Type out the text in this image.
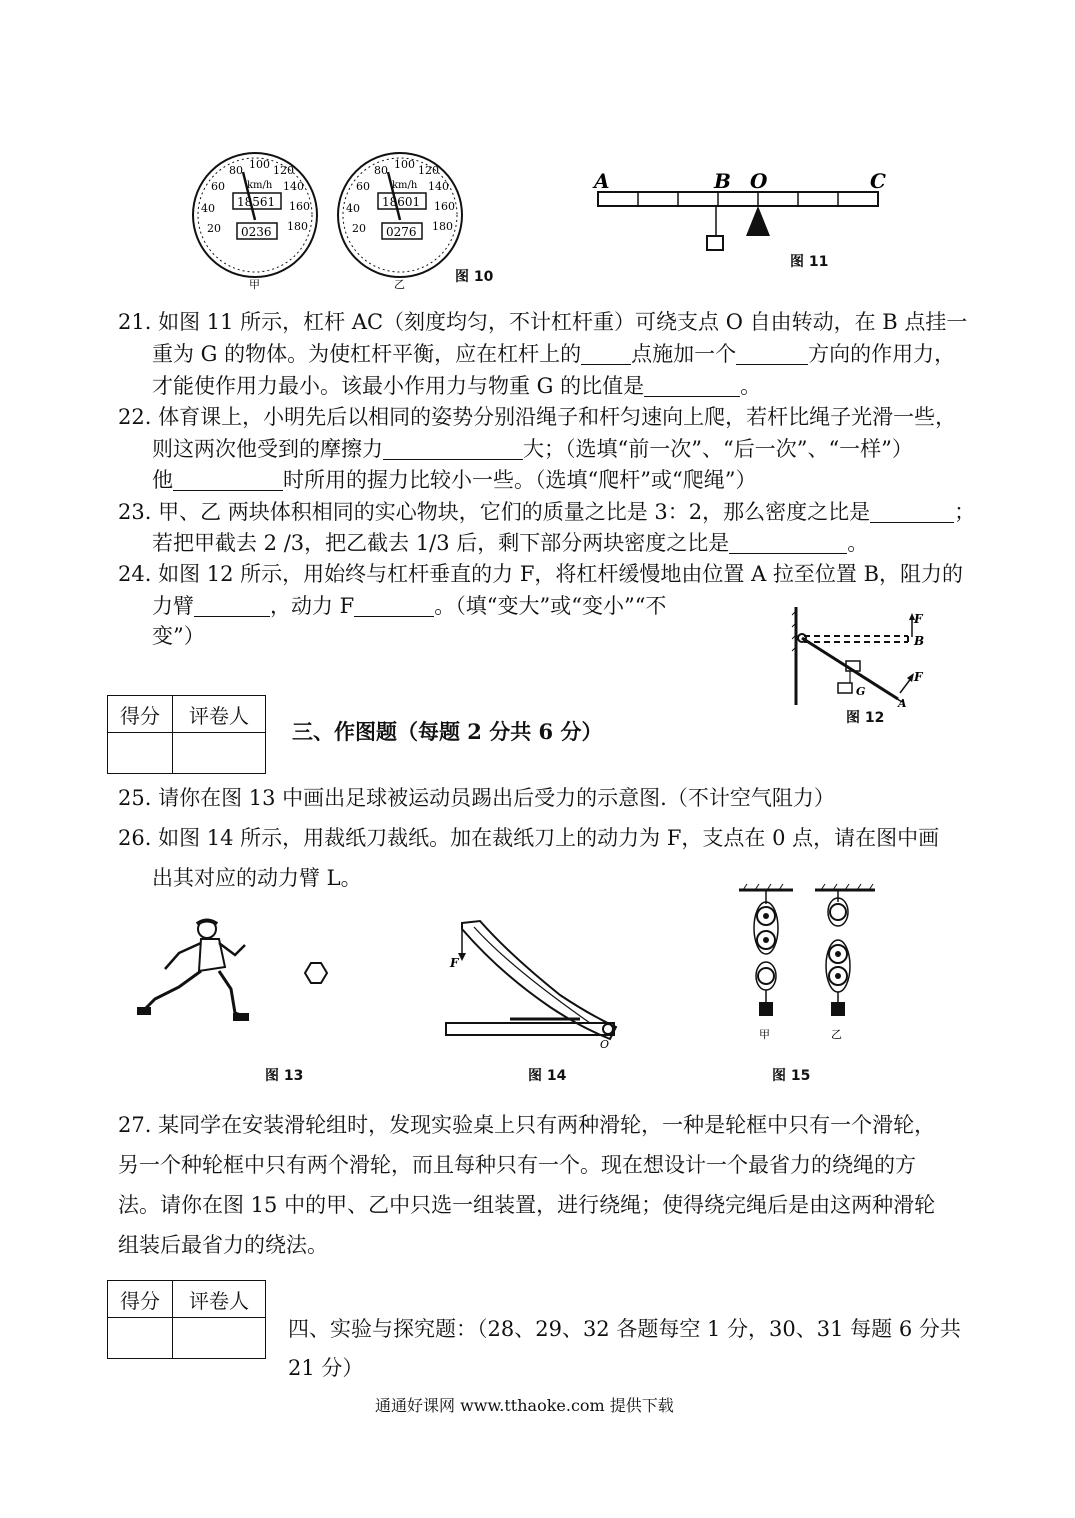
20
40
60
80 100 120
140
160
180
km/h
18561
0236
甲
20
40
60
80 100 120
140
160
180
km/h
18601
0276
乙	图 10
A	B O	C
图 11
21. 如图 11 所示，杠杆 AC（刻度均匀，不计杠杆重）可绕支点 O 自由转动，在 B 点挂一
重为 G 的物体。为使杠杆平衡，应在杠杆上的 点施加一个	方向的作用力，
才能使作用力最小。该最小作用力与物重 G 的比值是	。
22. 体育课上，小明先后以相同的姿势分别沿绳子和杆匀速向上爬，若杆比绳子光滑一些，
则这两次他受到的摩擦力	大；（选填“前一次”、“后一次”、“一样”）
他	时所用的握力比较小一些。（选填“爬杆”或“爬绳”）
23. 甲、乙 两块体积相同的实心物块，它们的质量之比是 3：2，那么密度之比是	；
若把甲截去 2 /3，把乙截去 1/3 后，剩下部分两块密度之比是	。
24. 如图 12 所示，用始终与杠杆垂直的力 F，将杠杆缓慢地由位置 A 拉至位置 B，阻力的
力臂	，动力 F	。（填“变大”或“变小”“不
变”）
F
B
F
G
A
图 12
得分	评卷人

三、作图题（每题 2 分共 6 分）
25. 请你在图 13 中画出足球被运动员踢出后受力的示意图.（不计空气阻力）
26. 如图 14 所示，用裁纸刀裁纸。加在裁纸刀上的动力为 F，支点在 0 点，请在图中画
出其对应的动力臂 L。
图 13
F
O
图 14
甲	乙
图 15
27. 某同学在安装滑轮组时，发现实验桌上只有两种滑轮，一种是轮框中只有一个滑轮，
另一个种轮框中只有两个滑轮，而且每种只有一个。现在想设计一个最省力的绕绳的方
法。请你在图 15 中的甲、乙中只选一组装置，进行绕绳；使得绕完绳后是由这两种滑轮
组装后最省力的绕法。
得分	评卷人

四、实验与探究题：（28、29、32 各题每空 1 分，30、31 每题 6 分共
21 分）
通通好课网 www.tthaoke.com 提供下载
